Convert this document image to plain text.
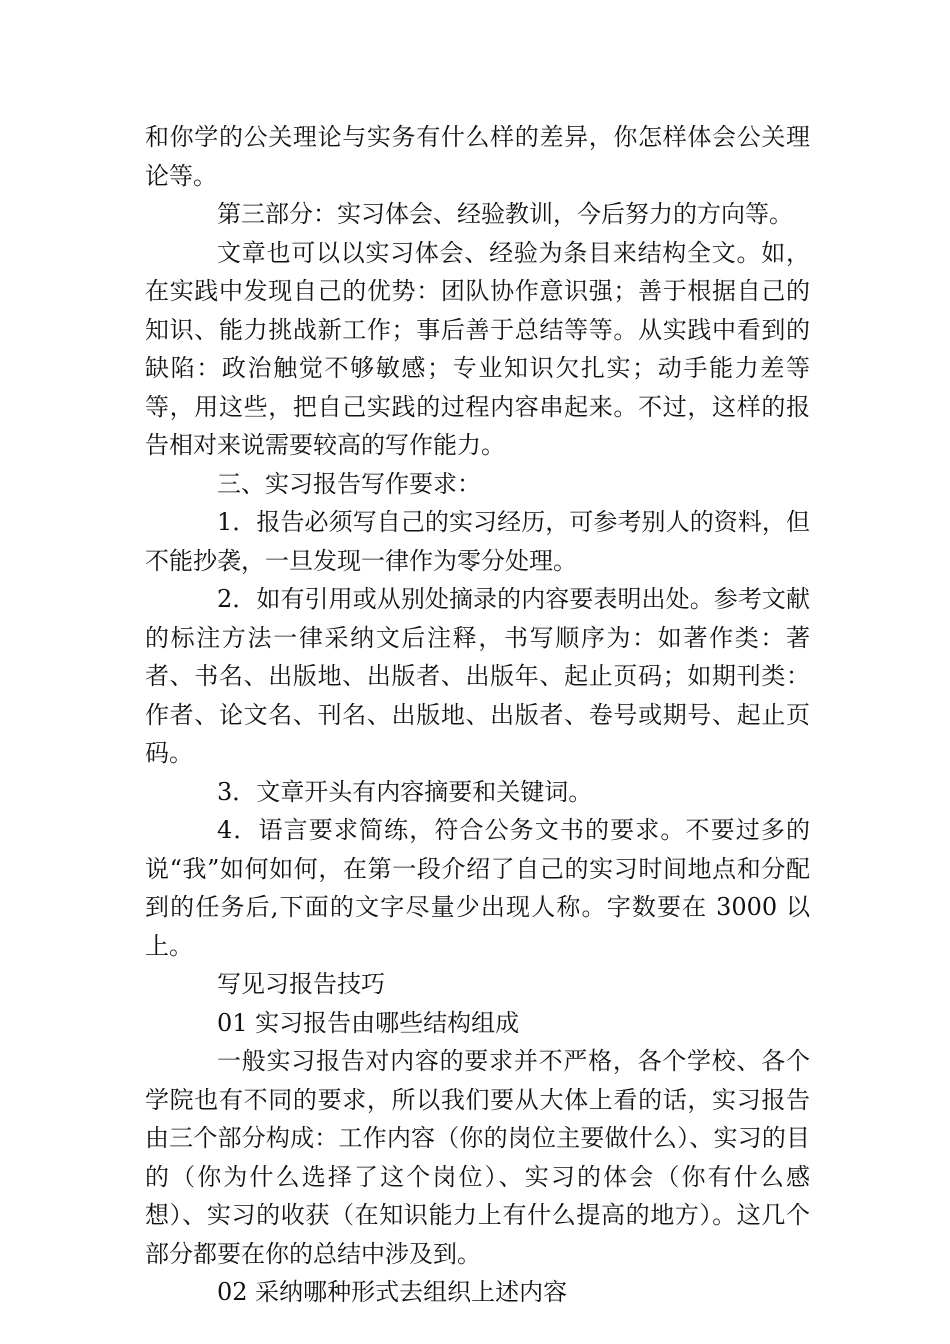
和你学的公关理论与实务有什么样的差异，你怎样体会公关理论等。

第三部分：实习体会、经验教训，今后努力的方向等。

文章也可以以实习体会、经验为条目来结构全文。如，在实践中发现自己的优势：团队协作意识强；善于根据自己的知识、能力挑战新工作；事后善于总结等等。从实践中看到的缺陷：政治触觉不够敏感；专业知识欠扎实；动手能力差等等，用这些，把自己实践的过程内容串起来。不过，这样的报告相对来说需要较高的写作能力。

三、实习报告写作要求：

1．报告必须写自己的实习经历，可参考别人的资料，但不能抄袭，一旦发现一律作为零分处理。

2．如有引用或从别处摘录的内容要表明出处。参考文献的标注方法一律采纳文后注释，书写顺序为：如著作类：著者、书名、出版地、出版者、出版年、起止页码；如期刊类：作者、论文名、刊名、出版地、出版者、卷号或期号、起止页码。

3．文章开头有内容摘要和关键词。

4．语言要求简练，符合公务文书的要求。不要过多的说“我”如何如何，在第一段介绍了自己的实习时间地点和分配到的任务后,下面的文字尽量少出现人称。字数要在 3000 以上。

写见习报告技巧

01 实习报告由哪些结构组成

一般实习报告对内容的要求并不严格，各个学校、各个学院也有不同的要求，所以我们要从大体上看的话，实习报告由三个部分构成：工作内容（你的岗位主要做什么）、实习的目的（你为什么选择了这个岗位）、实习的体会（你有什么感想）、实习的收获（在知识能力上有什么提高的地方）。这几个部分都要在你的总结中涉及到。

02 采纳哪种形式去组织上述内容
